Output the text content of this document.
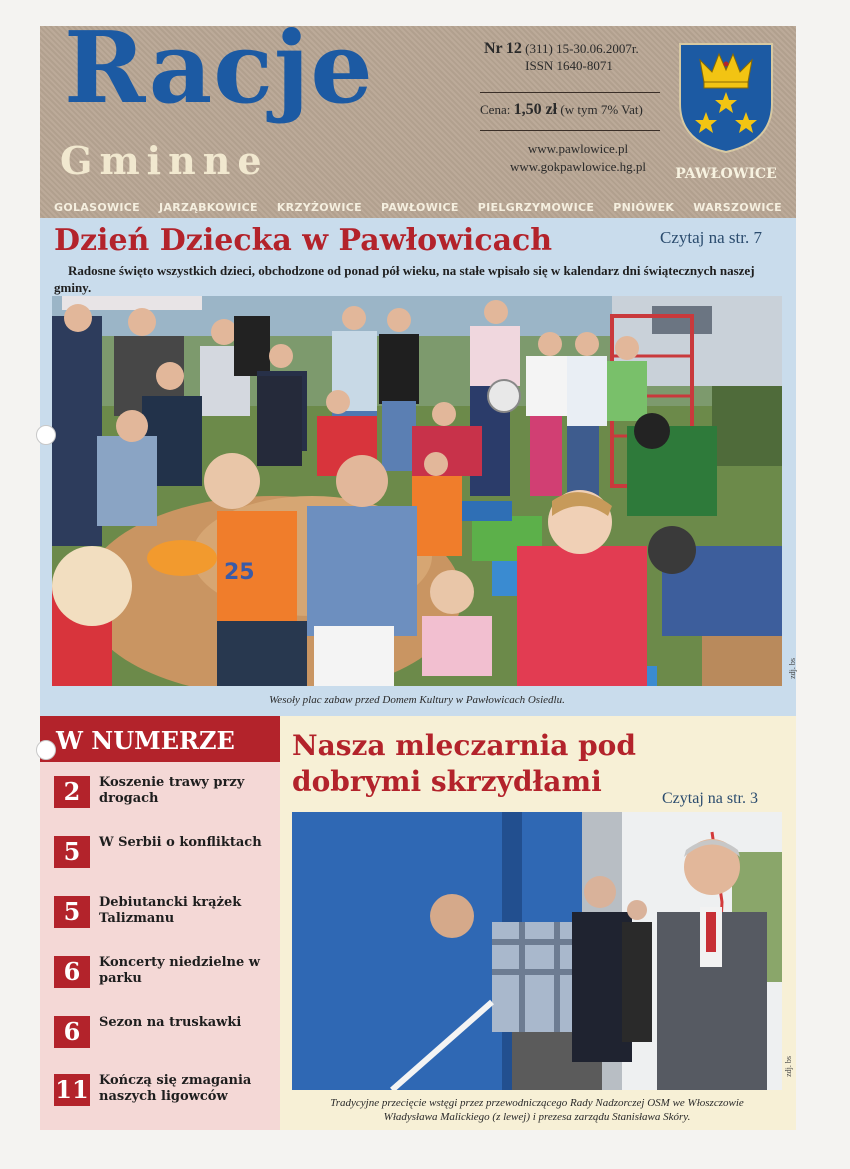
Racje
Gminne
Nr 12 (311) 15-30.06.2007r.
ISSN 1640-8071
Cena: 1,50 zł (w tym 7% Vat)
www.pawlowice.pl
www.gokpawlowice.hg.pl	PAWŁOWICE
GOLASOWICE JARZĄBKOWICE KRZYŻOWICE PAWŁOWICE PIELGRZYMOWICE PNIÓWEK WARSZOWICE
Dzień Dziecka w Pawłowicach	Czytaj na str. 7
Radosne święto wszystkich dzieci, obchodzone od ponad pół wieku, na stałe wpisało się w kalendarz dni świątecznych naszej gminy.
25
zdj. bs
Wesoły plac zabaw przed Domem Kultury w Pawłowicach Osiedlu.
W NUMERZE
2	Koszenie trawy przy drogach
5	W Serbii o konfliktach
5	Debiutancki krążek Talizmanu
6	Koncerty niedzielne w parku
6	Sezon na truskawki
11 Kończą się zmagania naszych ligowców
Nasza mleczarnia pod dobrymi skrzydłami
Czytaj na str. 3
zdj. bs
Tradycyjne przecięcie wstęgi przez przewodniczącego Rady Nadzorczej OSM we Włoszczowie
Władysława Malickiego (z lewej) i prezesa zarządu Stanisława Skóry.
